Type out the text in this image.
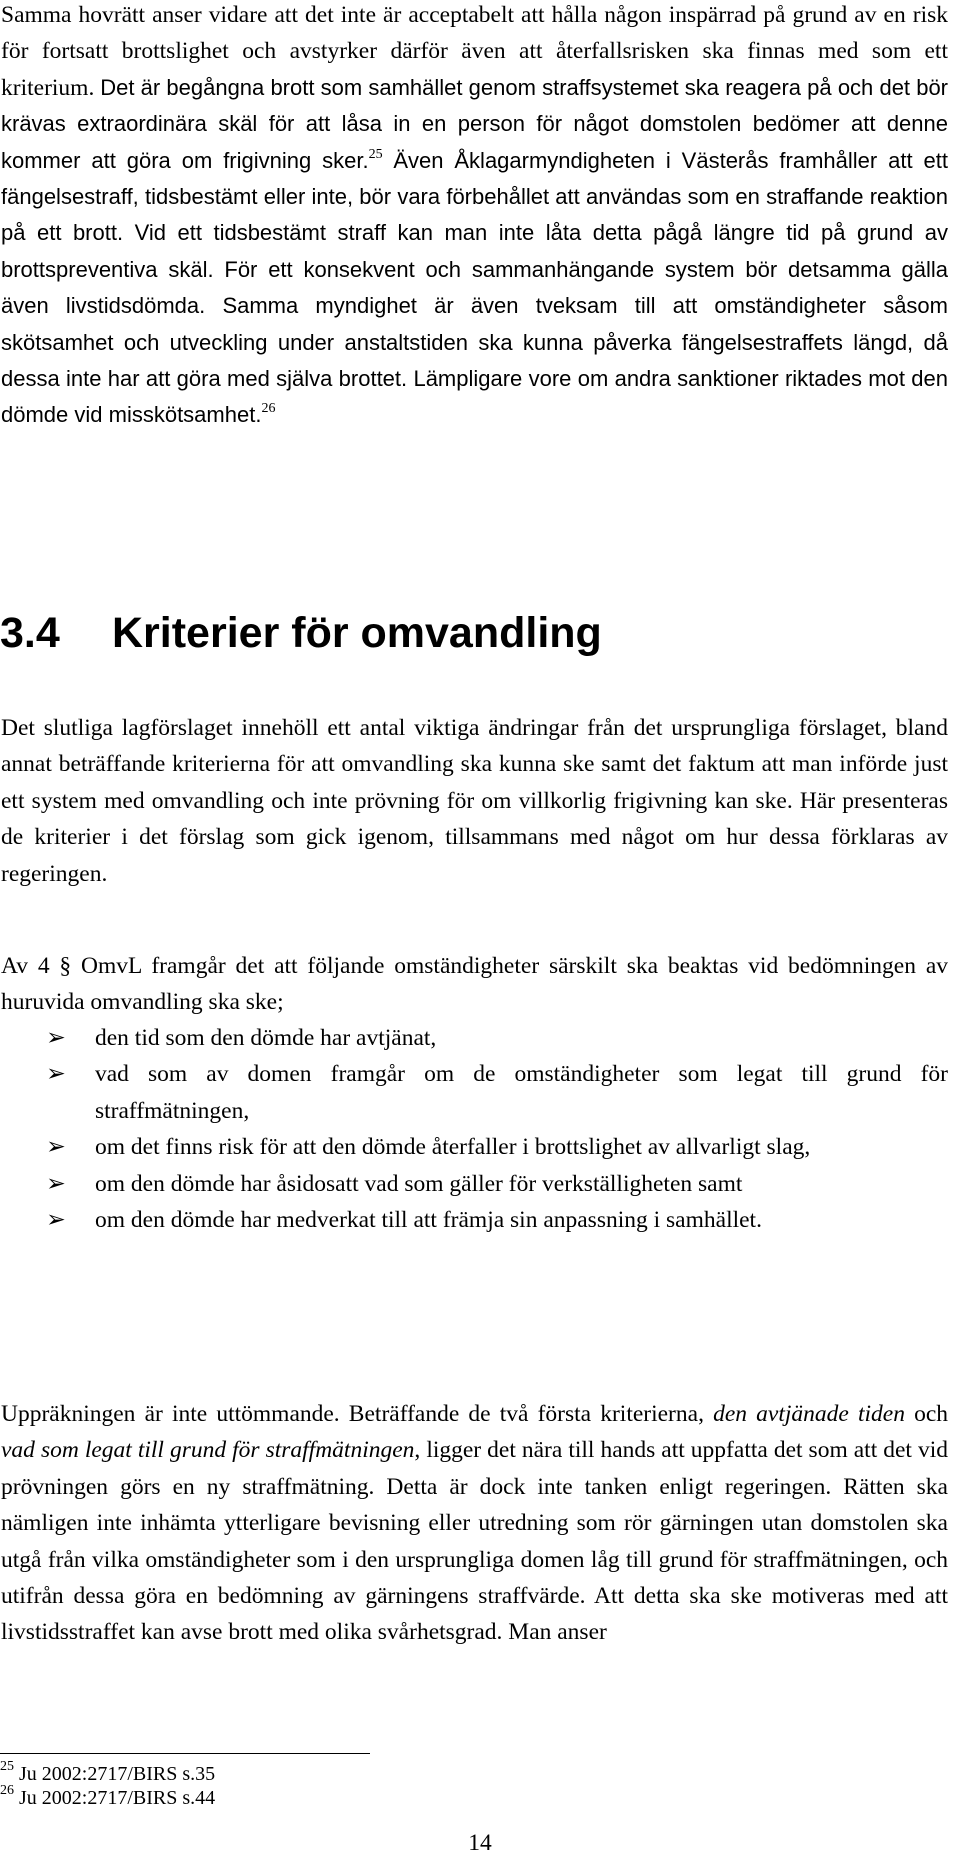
Samma hovrätt anser vidare att det inte är acceptabelt att hålla någon inspärrad på grund av en risk för fortsatt brottslighet och avstyrker därför även att återfallsrisken ska finnas med som ett kriterium. Det är begångna brott som samhället genom straffsystemet ska reagera på och det bör krävas extraordinära skäl för att låsa in en person för något domstolen bedömer att denne kommer att göra om frigivning sker.$^{25}$ Även Åklagarmyndigheten i Västerås framhåller att ett fängelsestraff, tidsbestämt eller inte, bör vara förbehållet att användas som en straffande reaktion på ett brott. Vid ett tidsbestämt straff kan man inte låta detta pågå längre tid på grund av brottspreventiva skäl. För ett konsekvent och sammanhängande system bör detsamma gälla även livstidsdömda. Samma myndighet är även tveksam till att omständigheter såsom skötsamhet och utveckling under anstaltstiden ska kunna påverka fängelsestraffets längd, då dessa inte har att göra med själva brottet. Lämpligare vore om andra sanktioner riktades mot den dömde vid misskötsamhet.$^{26}$

3.4 Kriterier för omvandling

Det slutliga lagförslaget innehöll ett antal viktiga ändringar från det ursprungliga förslaget, bland annat beträffande kriterierna för att omvandling ska kunna ske samt det faktum att man införde just ett system med omvandling och inte prövning för om villkorlig frigivning kan ske. Här presenteras de kriterier i det förslag som gick igenom, tillsammans med något om hur dessa förklaras av regeringen.

Av 4 § OmvL framgår det att följande omständigheter särskilt ska beaktas vid bedömningen av huruvida omvandling ska ske;

➢ den tid som den dömde har avtjänat,
➢ vad som av domen framgår om de omständigheter som legat till grund för straffmätningen,
➢ om det finns risk för att den dömde återfaller i brottslighet av allvarligt slag,
➢ om den dömde har åsidosatt vad som gäller för verkställigheten samt
➢ om den dömde har medverkat till att främja sin anpassning i samhället.

Uppräkningen är inte uttömmande. Beträffande de två första kriterierna, den avtjänade tiden och vad som legat till grund för straffmätningen, ligger det nära till hands att uppfatta det som att det vid prövningen görs en ny straffmätning. Detta är dock inte tanken enligt regeringen. Rätten ska nämligen inte inhämta ytterligare bevisning eller utredning som rör gärningen utan domstolen ska utgå från vilka omständigheter som i den ursprungliga domen låg till grund för straffmätningen, och utifrån dessa göra en bedömning av gärningens straffvärde. Att detta ska ske motiveras med att livstidsstraffet kan avse brott med olika svårhetsgrad. Man anser

$^{25}$ Ju 2002:2717/BIRS s.35
$^{26}$ Ju 2002:2717/BIRS s.44
14
